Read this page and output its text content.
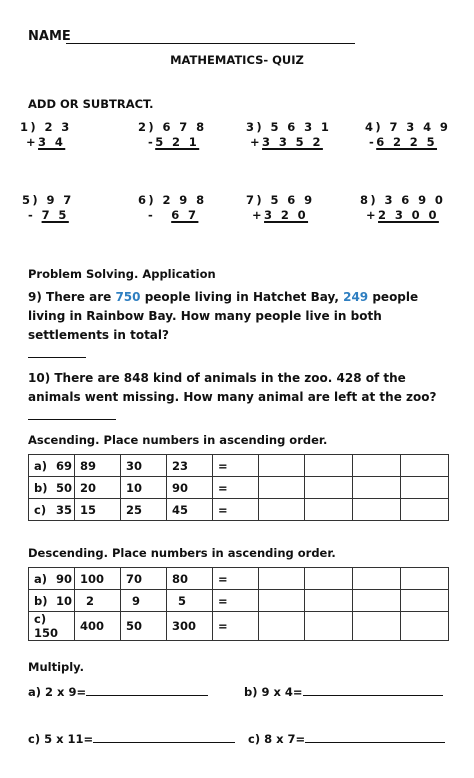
NAME
MATHEMATICS- QUIZ
ADD OR SUBTRACT.
1) 2 3
+3 4
2) 6 7 8
-5 2 1
3) 5 6 3 1
+3 3 5 2
4) 7 3 4 9
-6 2 2 5
5) 9 7
- 7 5
6) 2 9 8
- 6 7
7) 5 6 9
+3 2 0
8) 3 6 9 0
+2 3 0 0
Problem Solving. Application
9) There are 750 people living in Hatchet Bay, 249 people living in Rainbow Bay. How many people live in both settlements in total?

10) There are 848 kind of animals in the zoo. 428 of the animals went missing. How many animal are left at the zoo?
Ascending. Place numbers in ascending order.
a) 69	89	30	23	=				
b) 50	20	10	90	=				
c) 35	15	25	45	=				
Descending. Place numbers in ascending order.
a) 90	100	70	80	=				
b) 10	2	9	5	=				
c)150	400	50	300	=				
Multiply.
a) 2 x 9=	b) 9 x 4=
c) 5 x 11=	c) 8 x 7=
